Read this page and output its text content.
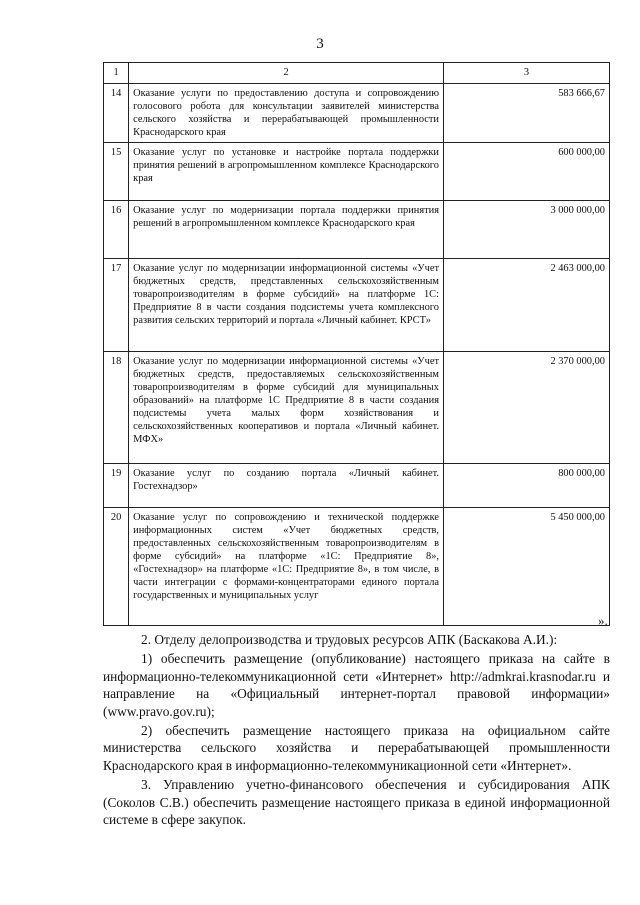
3
1	2	3
14	Оказание услуги по предоставлению доступа и сопровождению голосового робота для консультации заявителей министерства сельского хозяйства и перерабатывающей промышленности Краснодарского края	583 666,67
15	Оказание услуг по установке и настройке портала поддержки принятия решений в агропромышленном комплексе Краснодарского края	600 000,00
16	Оказание услуг по модернизации портала поддержки принятия решений в агропромышленном комплексе Краснодарского края	3 000 000,00
17	Оказание услуг по модернизации информационной системы «Учет бюджетных средств, представленных сельскохозяйственным товаропроизводителям в форме субсидий» на платформе 1С: Предприятие 8 в части создания подсистемы учета комплексного развития сельских территорий и портала «Личный кабинет. КРСТ»	2 463 000,00
18	Оказание услуг по модернизации информационной системы «Учет бюджетных средств, предоставляемых сельскохозяйственным товаропроизводителям в форме субсидий для муниципальных образований» на платформе 1С Предприятие 8 в части создания подсистемы учета малых форм хозяйствования и сельскохозяйственных кооперативов и портала «Личный кабинет. МФХ»	2 370 000,00
19	Оказание услуг по созданию портала «Личный кабинет. Гостехнадзор»	800 000,00
20	Оказание услуг по сопровождению и технической поддержке информационных систем «Учет бюджетных средств, предоставленных сельскохозяйственным товаропроизводителям в форме субсидий» на платформе «1С: Предприятие 8», «Гостехнадзор» на платформе «1С: Предприятие 8», в том числе, в части интеграции с формами-концентраторами единого портала государственных и муниципальных услуг	5 450 000,00
».

2. Отделу делопроизводства и трудовых ресурсов АПК (Баскакова А.И.):

1) обеспечить размещение (опубликование) настоящего приказа на сайте в информационно-телекоммуникационной сети «Интернет» http://admkrai.krasnodar.ru и направление на «Официальный интернет-портал правовой информации» (www.pravo.gov.ru);

2) обеспечить размещение настоящего приказа на официальном сайте министерства сельского хозяйства и перерабатывающей промышленности Краснодарского края в информационно-телекоммуникационной сети «Интернет».

3. Управлению учетно-финансового обеспечения и субсидирования АПК (Соколов С.В.) обеспечить размещение настоящего приказа в единой информационной системе в сфере закупок.
